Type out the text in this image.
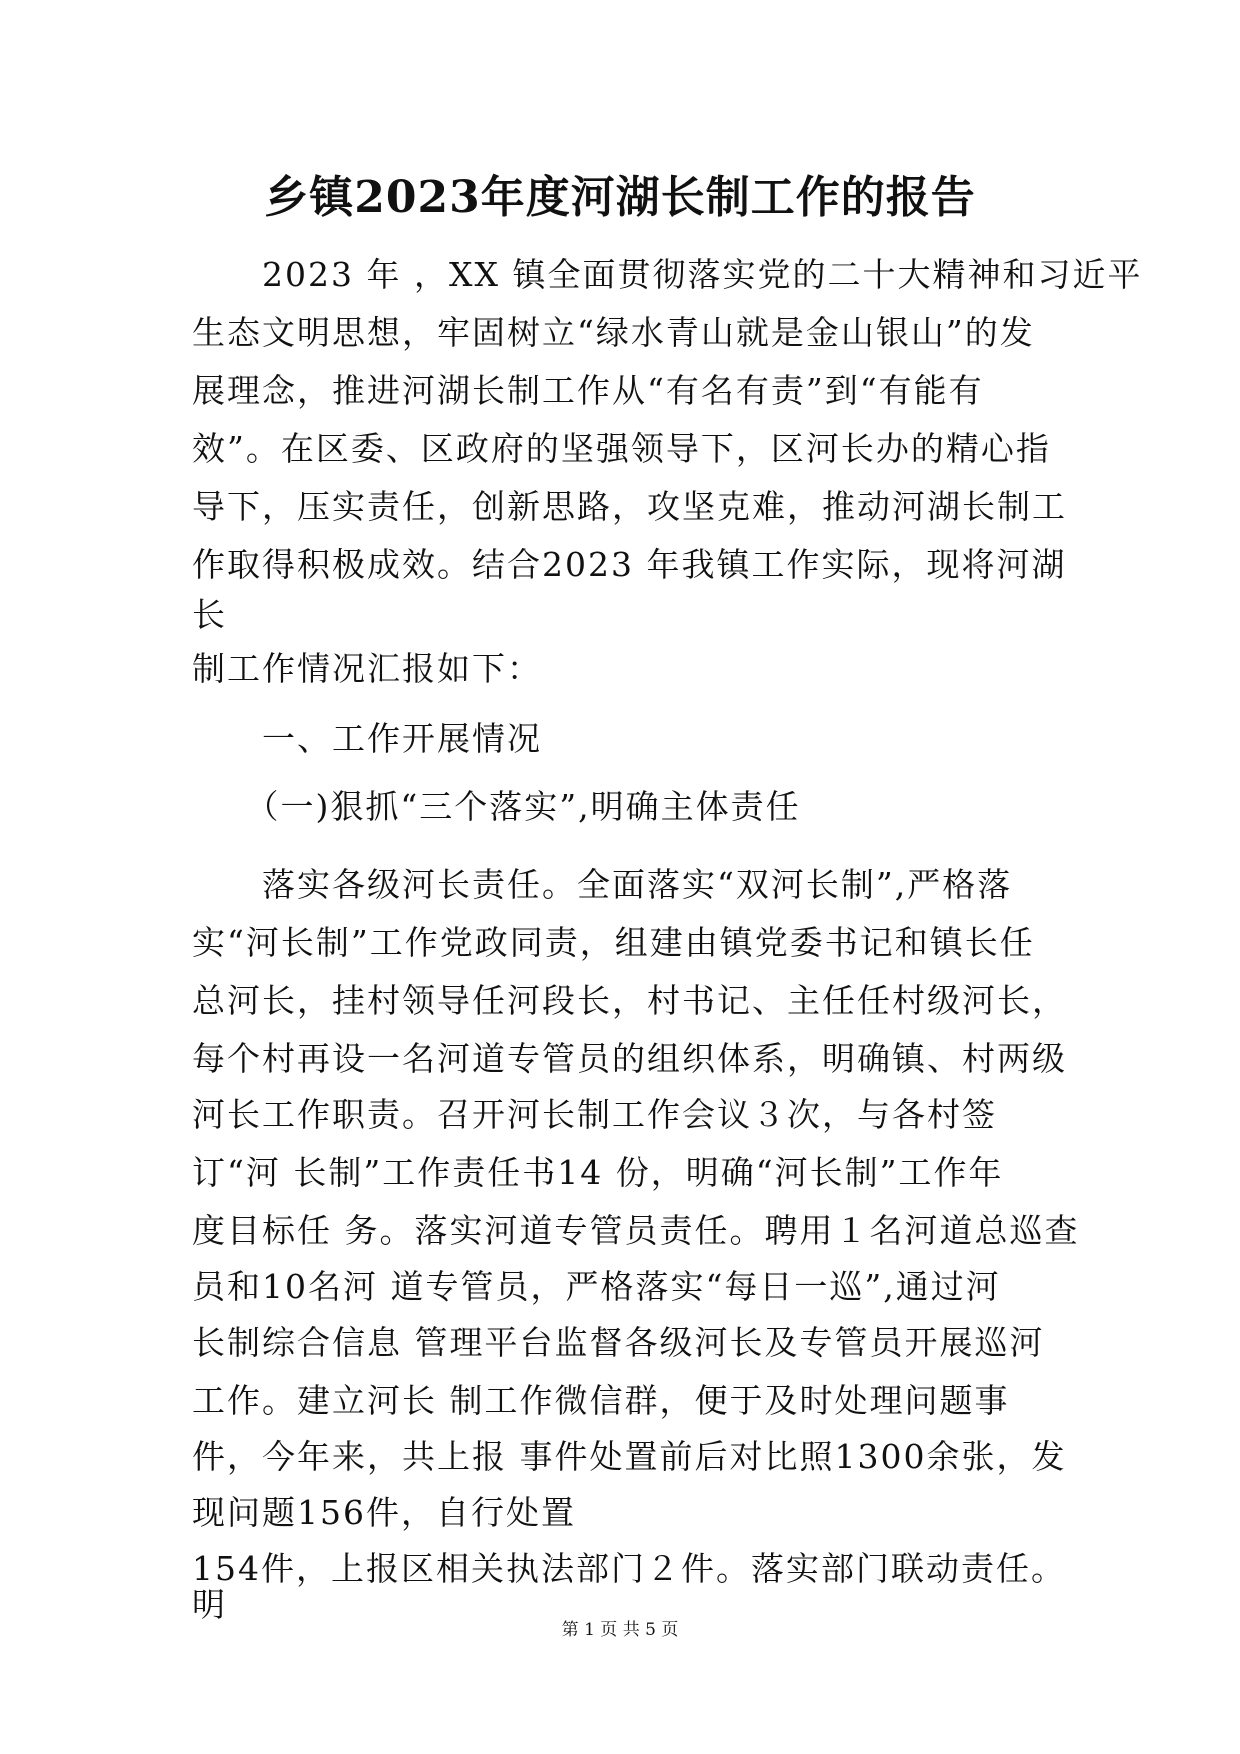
乡镇2023年度河湖长制工作的报告
　　2023 年 ，XX 镇全面贯彻落实党的二十大精神和习近平
生态文明思想，牢固树立“绿水青山就是金山银山”的发
展理念，推进河湖长制工作从“有名有责”到“有能有
效”。在区委、区政府的坚强领导下，区河长办的精心指
导下，压实责任，创新思路，攻坚克难，推动河湖长制工
作取得积极成效。结合2023 年我镇工作实际，现将河湖
长
制工作情况汇报如下：
　　一、工作开展情况
　　（一)狠抓“三个落实”,明确主体责任
　　落实各级河长责任。全面落实“双河长制”,严格落
实“河长制”工作党政同责，组建由镇党委书记和镇长任
总河长，挂村领导任河段长，村书记、主任任村级河长，
每个村再设一名河道专管员的组织体系，明确镇、村两级
河长工作职责。召开河长制工作会议３次，与各村签
订“河 长制”工作责任书14 份，明确“河长制”工作年
度目标任 务。落实河道专管员责任。聘用１名河道总巡查
员和10名河 道专管员，严格落实“每日一巡”,通过河
长制综合信息 管理平台监督各级河长及专管员开展巡河
工作。建立河长 制工作微信群，便于及时处理问题事
件，今年来，共上报 事件处置前后对比照1300余张，发
现问题156件，自行处置
154件，上报区相关执法部门２件。落实部门联动责任。
明
第 1 页 共 5 页
